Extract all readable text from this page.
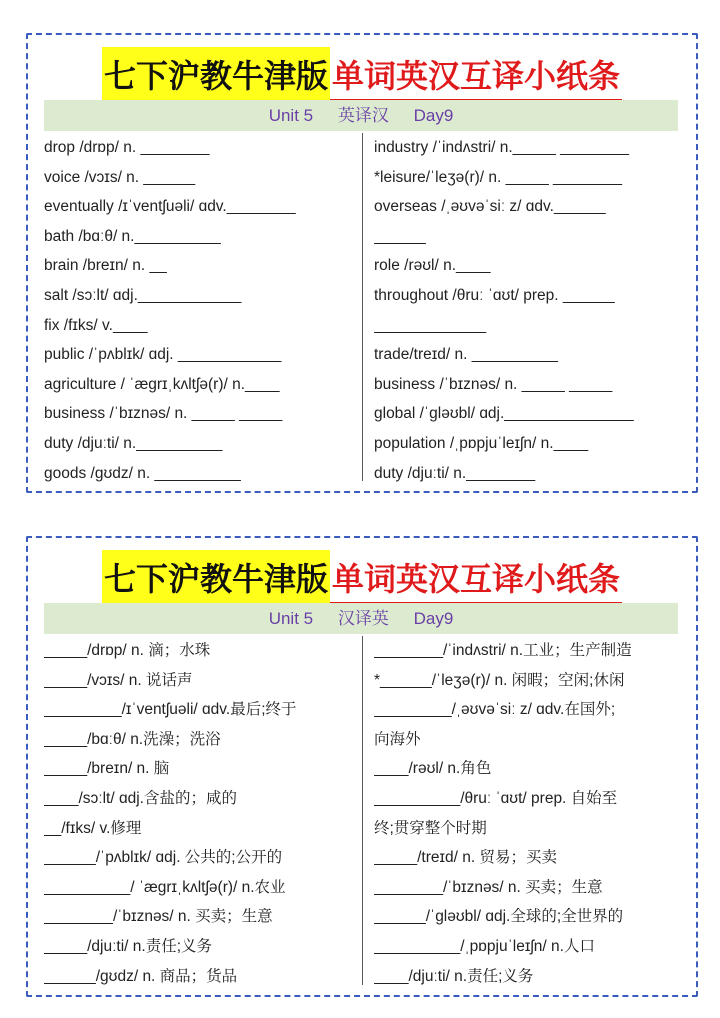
七下沪教牛津版 单词英汉互译小纸条
Unit 5 英译汉 Day9
drop /drɒp/ n. ________
voice /vɔɪs/ n. ______
eventually /ɪˈventʃuəli/ ɑdv.________
bath /bɑːθ/ n.__________
brain /breɪn/ n. __
salt /sɔːlt/ ɑdj.____________
fix /fɪks/ v.____
public /ˈpʌblɪk/ ɑdj. ____________
agriculture / ˈæɡrɪˌkʌltʃə(r)/ n.____
business /ˈbɪznəs/ n. _____ _____
duty /djuːti/ n.__________
goods /ɡʊdz/ n. __________
industry /ˈindʌstri/ n._____ ________
*leisure/ˈleʒə(r)/ n. _____ ________
overseas /ˌəʊvəˈsiː z/ ɑdv.______
______
role /rəʊl/ n.____
throughout /θruː ˈɑʊt/ prep. ______
_____________
trade/treɪd/ n. __________
business /ˈbɪznəs/ n. _____ _____
global /ˈɡləʊbl/ ɑdj._______________
population /ˌpɒpjuˈleɪʃn/ n.____
duty /djuːti/ n.________
七下沪教牛津版 单词英汉互译小纸条
Unit 5 汉译英 Day9
_____/drɒp/ n. 滴；水珠
_____/vɔɪs/ n. 说话声
_________/ɪˈventʃuəli/ ɑdv.最后;终于
_____/bɑːθ/ n.洗澡；洗浴
_____/breɪn/ n. 脑
____/sɔːlt/ ɑdj.含盐的；咸的
__/fɪks/ v.修理
______/ˈpʌblɪk/ ɑdj. 公共的;公开的
__________/ ˈæɡrɪˌkʌltʃə(r)/ n.农业
________/ˈbɪznəs/ n. 买卖；生意
_____/djuːti/ n.责任;义务
______/ɡʊdz/ n. 商品；货品
________/ˈindʌstri/ n.工业；生产制造
*______/ˈleʒə(r)/ n. 闲暇；空闲;休闲
_________/ˌəʊvəˈsiː z/ ɑdv.在国外;
向海外
____/rəʊl/ n.角色
__________/θruː ˈɑʊt/ prep. 自始至
终;贯穿整个时期
_____/treɪd/ n. 贸易；买卖
________/ˈbɪznəs/ n. 买卖；生意
______/ˈɡləʊbl/ ɑdj.全球的;全世界的
__________/ˌpɒpjuˈleɪʃn/ n.人口
____/djuːti/ n.责任;义务
